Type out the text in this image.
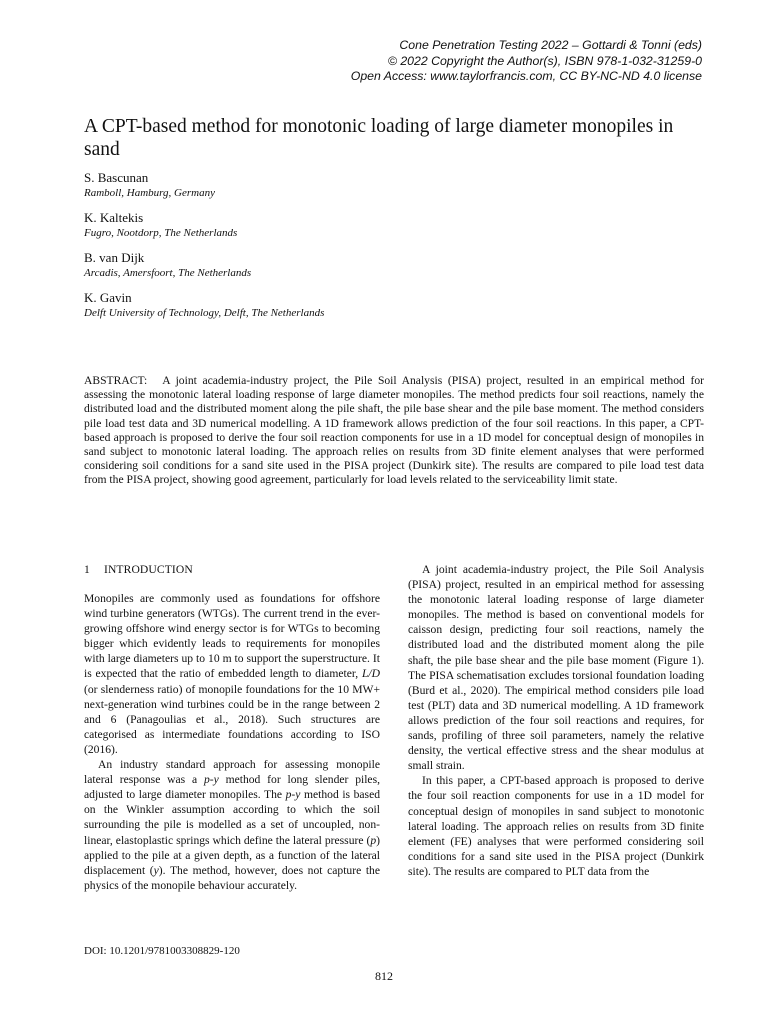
Cone Penetration Testing 2022 – Gottardi & Tonni (eds)
© 2022 Copyright the Author(s), ISBN 978-1-032-31259-0
Open Access: www.taylorfrancis.com, CC BY-NC-ND 4.0 license
A CPT-based method for monotonic loading of large diameter monopiles in sand
S. Bascunan
Ramboll, Hamburg, Germany
K. Kaltekis
Fugro, Nootdorp, The Netherlands
B. van Dijk
Arcadis, Amersfoort, The Netherlands
K. Gavin
Delft University of Technology, Delft, The Netherlands

ABSTRACT: A joint academia-industry project, the Pile Soil Analysis (PISA) project, resulted in an empirical method for assessing the monotonic lateral loading response of large diameter monopiles. The method predicts four soil reactions, namely the distributed load and the distributed moment along the pile shaft, the pile base shear and the pile base moment. The method considers pile load test data and 3D numerical modelling. A 1D framework allows prediction of the four soil reactions. In this paper, a CPT-based approach is proposed to derive the four soil reaction components for use in a 1D model for conceptual design of monopiles in sand subject to monotonic lateral loading. The approach relies on results from 3D finite element analyses that were performed considering soil conditions for a sand site used in the PISA project (Dunkirk site). The results are compared to pile load test data from the PISA project, showing good agreement, particularly for load levels related to the serviceability limit state.

1 INTRODUCTION

Monopiles are commonly used as foundations for offshore wind turbine generators (WTGs). The current trend in the ever-growing offshore wind energy sector is for WTGs to becoming bigger which evidently leads to requirements for monopiles with large diameters up to 10 m to support the superstructure. It is expected that the ratio of embedded length to diameter, L/D (or slenderness ratio) of monopile foundations for the 10 MW+ next-generation wind turbines could be in the range between 2 and 6 (Panagoulias et al., 2018). Such structures are categorised as intermediate foundations according to ISO (2016).

An industry standard approach for assessing monopile lateral response was a p-y method for long slender piles, adjusted to large diameter monopiles. The p-y method is based on the Winkler assumption according to which the soil surrounding the pile is modelled as a set of uncoupled, non-linear, elastoplastic springs which define the lateral pressure (p) applied to the pile at a given depth, as a function of the lateral displacement (y). The method, however, does not capture the physics of the monopile behaviour accurately.

A joint academia-industry project, the Pile Soil Analysis (PISA) project, resulted in an empirical method for assessing the monotonic lateral loading response of large diameter monopiles. The method is based on conventional models for caisson design, predicting four soil reactions, namely the distributed load and the distributed moment along the pile shaft, the pile base shear and the pile base moment (Figure 1). The PISA schematisation excludes torsional foundation loading (Burd et al., 2020). The empirical method considers pile load test (PLT) data and 3D numerical modelling. A 1D framework allows prediction of the four soil reactions and requires, for sands, profiling of three soil parameters, namely the relative density, the vertical effective stress and the shear modulus at small strain.

In this paper, a CPT-based approach is proposed to derive the four soil reaction components for use in a 1D model for conceptual design of monopiles in sand subject to monotonic lateral loading. The approach relies on results from 3D finite element (FE) analyses that were performed considering soil conditions for a sand site used in the PISA project (Dunkirk site). The results are compared to PLT data from the

DOI: 10.1201/9781003308829-120
812
